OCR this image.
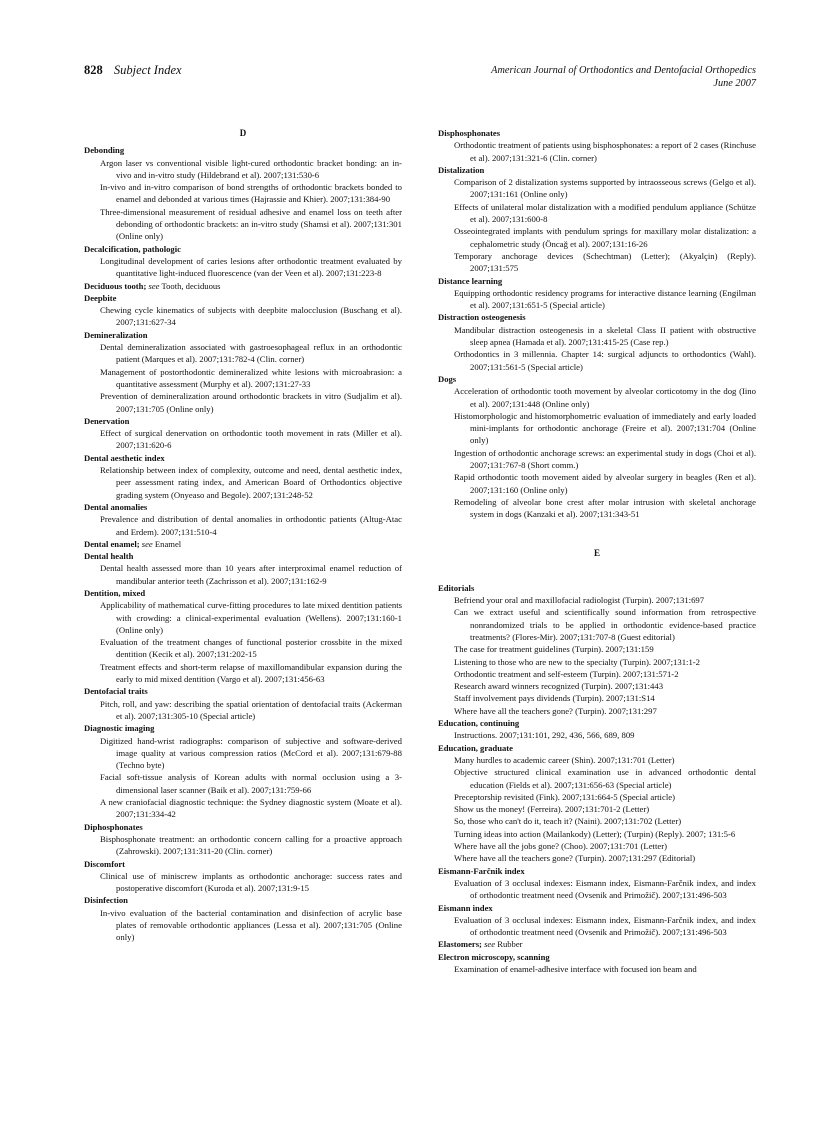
828 Subject Index	American Journal of Orthodontics and Dentofacial Orthopedics
June 2007
D
Debonding
Argon laser vs conventional visible light-cured orthodontic bracket bonding: an in-vivo and in-vitro study (Hildebrand et al). 2007;131:530-6
In-vivo and in-vitro comparison of bond strengths of orthodontic brackets bonded to enamel and debonded at various times (Hajrassie and Khier). 2007;131:384-90
Three-dimensional measurement of residual adhesive and enamel loss on teeth after debonding of orthodontic brackets: an in-vitro study (Shamsi et al). 2007;131:301 (Online only)
Decalcification, pathologic
Longitudinal development of caries lesions after orthodontic treatment evaluated by quantitative light-induced fluorescence (van der Veen et al). 2007;131:223-8
Deciduous tooth; see Tooth, deciduous
Deepbite
Chewing cycle kinematics of subjects with deepbite malocclusion (Buschang et al). 2007;131:627-34
Demineralization
Dental demineralization associated with gastroesophageal reflux in an orthodontic patient (Marques et al). 2007;131:782-4 (Clin. corner)
Management of postorthodontic demineralized white lesions with microabrasion: a quantitative assessment (Murphy et al). 2007;131:27-33
Prevention of demineralization around orthodontic brackets in vitro (Sudjalim et al). 2007;131:705 (Online only)
Denervation
Effect of surgical denervation on orthodontic tooth movement in rats (Miller et al). 2007;131:620-6
Dental aesthetic index
Relationship between index of complexity, outcome and need, dental aesthetic index, peer assessment rating index, and American Board of Orthodontics objective grading system (Onyeaso and Begole). 2007;131:248-52
Dental anomalies
Prevalence and distribution of dental anomalies in orthodontic patients (Altug-Atac and Erdem). 2007;131:510-4
Dental enamel; see Enamel
Dental health
Dental health assessed more than 10 years after interproximal enamel reduction of mandibular anterior teeth (Zachrisson et al). 2007;131:162-9
Dentition, mixed
Applicability of mathematical curve-fitting procedures to late mixed dentition patients with crowding: a clinical-experimental evaluation (Wellens). 2007;131:160-1 (Online only)
Evaluation of the treatment changes of functional posterior crossbite in the mixed dentition (Kecik et al). 2007;131:202-15
Treatment effects and short-term relapse of maxillomandibular expansion during the early to mid mixed dentition (Vargo et al). 2007;131:456-63
Dentofacial traits
Pitch, roll, and yaw: describing the spatial orientation of dentofacial traits (Ackerman et al). 2007;131:305-10 (Special article)
Diagnostic imaging
Digitized hand-wrist radiographs: comparison of subjective and software-derived image quality at various compression ratios (McCord et al). 2007;131:679-88 (Techno byte)
Facial soft-tissue analysis of Korean adults with normal occlusion using a 3-dimensional laser scanner (Baik et al). 2007;131:759-66
A new craniofacial diagnostic technique: the Sydney diagnostic system (Moate et al). 2007;131:334-42
Diphosphonates
Bisphosphonate treatment: an orthodontic concern calling for a proactive approach (Zahrowski). 2007;131:311-20 (Clin. corner)
Discomfort
Clinical use of miniscrew implants as orthodontic anchorage: success rates and postoperative discomfort (Kuroda et al). 2007;131:9-15
Disinfection
In-vivo evaluation of the bacterial contamination and disinfection of acrylic base plates of removable orthodontic appliances (Lessa et al). 2007;131:705 (Online only)
Disphosphonates
Orthodontic treatment of patients using bisphosphonates: a report of 2 cases (Rinchuse et al). 2007;131:321-6 (Clin. corner)
Distalization
Comparison of 2 distalization systems supported by intraosseous screws (Gelgo et al). 2007;131:161 (Online only)
Effects of unilateral molar distalization with a modified pendulum appliance (Schütze et al). 2007;131:600-8
Osseointegrated implants with pendulum springs for maxillary molar distalization: a cephalometric study (Öncağ et al). 2007;131:16-26
Temporary anchorage devices (Schechtman) (Letter); (Akyalçin) (Reply). 2007;131:575
Distance learning
Equipping orthodontic residency programs for interactive distance learning (Engilman et al). 2007;131:651-5 (Special article)
Distraction osteogenesis
Mandibular distraction osteogenesis in a skeletal Class II patient with obstructive sleep apnea (Hamada et al). 2007;131:415-25 (Case rep.)
Orthodontics in 3 millennia. Chapter 14: surgical adjuncts to orthodontics (Wahl). 2007;131:561-5 (Special article)
Dogs
Acceleration of orthodontic tooth movement by alveolar corticotomy in the dog (Iino et al). 2007;131:448 (Online only)
Histomorphologic and histomorphometric evaluation of immediately and early loaded mini-implants for orthodontic anchorage (Freire et al). 2007;131:704 (Online only)
Ingestion of orthodontic anchorage screws: an experimental study in dogs (Choi et al). 2007;131:767-8 (Short comm.)
Rapid orthodontic tooth movement aided by alveolar surgery in beagles (Ren et al). 2007;131:160 (Online only)
Remodeling of alveolar bone crest after molar intrusion with skeletal anchorage system in dogs (Kanzaki et al). 2007;131:343-51
E
Editorials
Befriend your oral and maxillofacial radiologist (Turpin). 2007;131:697
Can we extract useful and scientifically sound information from retrospective nonrandomized trials to be applied in orthodontic evidence-based practice treatments? (Flores-Mir). 2007;131:707-8 (Guest editorial)
The case for treatment guidelines (Turpin). 2007;131:159
Listening to those who are new to the specialty (Turpin). 2007;131:1-2
Orthodontic treatment and self-esteem (Turpin). 2007;131:571-2
Research award winners recognized (Turpin). 2007;131:443
Staff involvement pays dividends (Turpin). 2007;131:S14
Where have all the teachers gone? (Turpin). 2007;131:297
Education, continuing
Instructions. 2007;131:101, 292, 436, 566, 689, 809
Education, graduate
Many hurdles to academic career (Shin). 2007;131:701 (Letter)
Objective structured clinical examination use in advanced orthodontic dental education (Fields et al). 2007;131:656-63 (Special article)
Preceptorship revisited (Fink). 2007;131:664-5 (Special article)
Show us the money! (Ferreira). 2007;131:701-2 (Letter)
So, those who can't do it, teach it? (Naini). 2007;131:702 (Letter)
Turning ideas into action (Mailankody) (Letter); (Turpin) (Reply). 2007; 131:5-6
Where have all the jobs gone? (Choo). 2007;131:701 (Letter)
Where have all the teachers gone? (Turpin). 2007;131:297 (Editorial)
Eismann-Farčnik index
Evaluation of 3 occlusal indexes: Eismann index, Eismann-Farčnik index, and index of orthodontic treatment need (Ovsenik and Primožič). 2007;131:496-503
Eismann index
Evaluation of 3 occlusal indexes: Eismann index, Eismann-Farčnik index, and index of orthodontic treatment need (Ovsenik and Primožič). 2007;131:496-503
Elastomers; see Rubber
Electron microscopy, scanning
Examination of enamel-adhesive interface with focused ion beam and
